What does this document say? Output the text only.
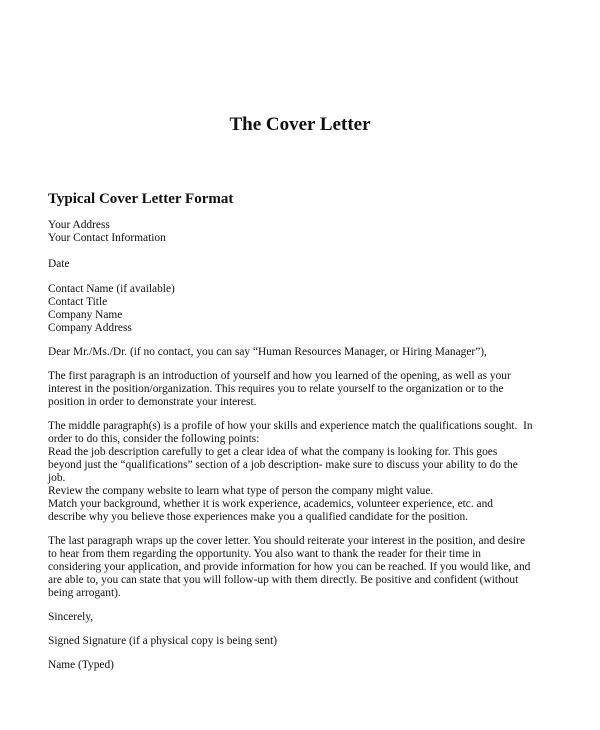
The Cover Letter
Typical Cover Letter Format
Your Address
Your Contact Information
Date
Contact Name (if available)
Contact Title
Company Name
Company Address
Dear Mr./Ms./Dr. (if no contact, you can say “Human Resources Manager, or Hiring Manager”),
The first paragraph is an introduction of yourself and how you learned of the opening, as well as your
interest in the position/organization. This requires you to relate yourself to the organization or to the
position in order to demonstrate your interest.
The middle paragraph(s) is a profile of how your skills and experience match the qualifications sought.  In
order to do this, consider the following points:
Read the job description carefully to get a clear idea of what the company is looking for. This goes
beyond just the “qualifications” section of a job description- make sure to discuss your ability to do the
job.
Review the company website to learn what type of person the company might value.
Match your background, whether it is work experience, academics, volunteer experience, etc. and
describe why you believe those experiences make you a qualified candidate for the position.
The last paragraph wraps up the cover letter. You should reiterate your interest in the position, and desire
to hear from them regarding the opportunity. You also want to thank the reader for their time in
considering your application, and provide information for how you can be reached. If you would like, and
are able to, you can state that you will follow-up with them directly. Be positive and confident (without
being arrogant).
Sincerely,
Signed Signature (if a physical copy is being sent)
Name (Typed)
